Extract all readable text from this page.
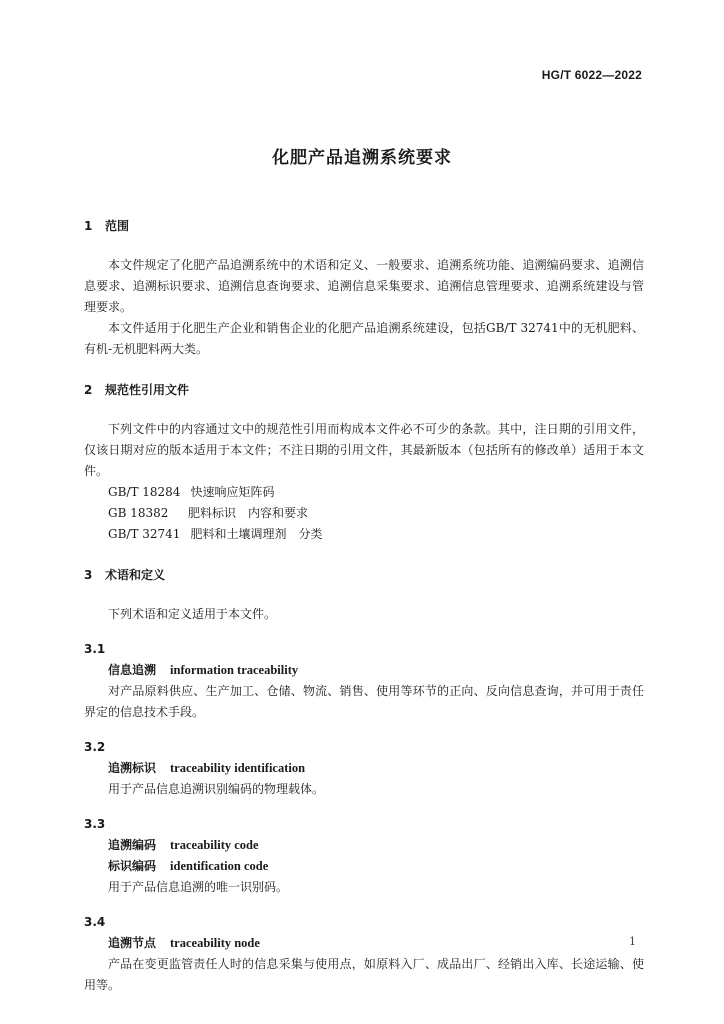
HG/T 6022—2022
化肥产品追溯系统要求
1 范围
本文件规定了化肥产品追溯系统中的术语和定义、一般要求、追溯系统功能、追溯编码要求、追溯信息要求、追溯标识要求、追溯信息查询要求、追溯信息采集要求、追溯信息管理要求、追溯系统建设与管理要求。
本文件适用于化肥生产企业和销售企业的化肥产品追溯系统建设，包括GB/T 32741中的无机肥料、有机-无机肥料两大类。
2 规范性引用文件
下列文件中的内容通过文中的规范性引用而构成本文件必不可少的条款。其中，注日期的引用文件，仅该日期对应的版本适用于本文件；不注日期的引用文件，其最新版本（包括所有的修改单）适用于本文件。
GB/T 18284 快速响应矩阵码
GB 18382 肥料标识　内容和要求
GB/T 32741 肥料和土壤调理剂　分类
3 术语和定义
下列术语和定义适用于本文件。
3.1
信息追溯 information traceability
对产品原料供应、生产加工、仓储、物流、销售、使用等环节的正向、反向信息查询，并可用于责任界定的信息技术手段。
3.2
追溯标识 traceability identification
用于产品信息追溯识别编码的物理载体。
3.3
追溯编码 traceability code
标识编码 identification code
用于产品信息追溯的唯一识别码。
3.4
追溯节点 traceability node
产品在变更监管责任人时的信息采集与使用点，如原料入厂、成品出厂、经销出入库、长途运输、使用等。
1
